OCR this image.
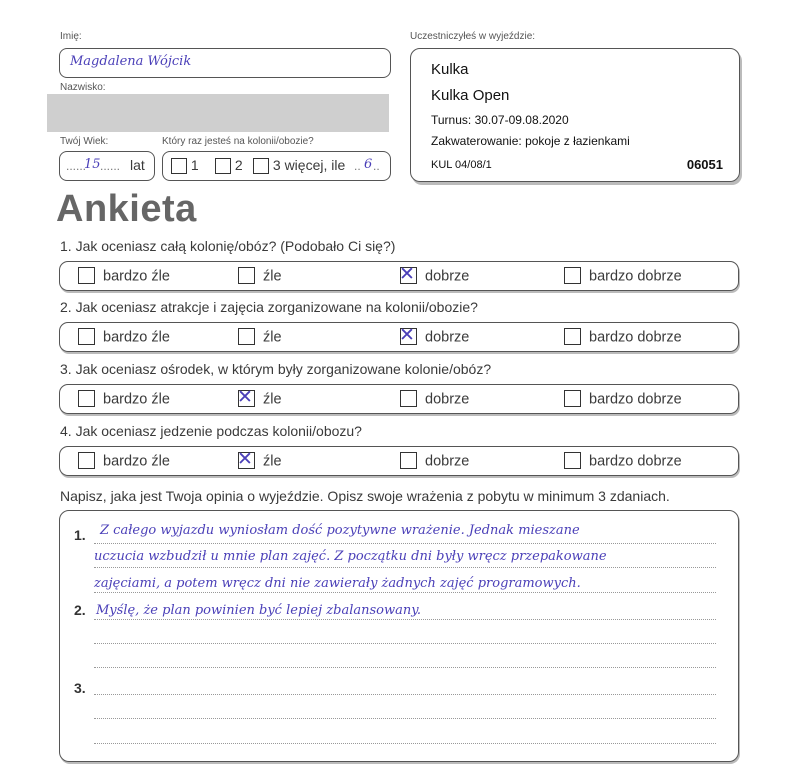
Imię:
Magdalena Wójcik
Nazwisko:
Twój Wiek:	Który raz jesteś na kolonii/obozie?
......
15 ...... lat	1	2	3 więcej, ile .. 6 ..
Uczestniczyłeś w wyjeździe:
Kulka
Kulka Open
Turnus: 30.07-09.08.2020
Zakwaterowanie: pokoje z łazienkami
KUL 04/08/1	06051
Ankieta
1. Jak oceniasz całą kolonię/obóz? (Podobało Ci się?)
bardzo źle	źle	✕ dobrze	bardzo dobrze
2. Jak oceniasz atrakcje i zajęcia zorganizowane na kolonii/obozie?
bardzo źle	źle	✕ dobrze	bardzo dobrze
3. Jak oceniasz ośrodek, w którym były zorganizowane kolonie/obóz?
bardzo źle	✕ źle	dobrze	bardzo dobrze
4. Jak oceniasz jedzenie podczas kolonii/obozu?
bardzo źle	✕ źle	dobrze	bardzo dobrze
Napisz, jaka jest Twoja opinia o wyjeździe. Opisz swoje wrażenia z pobytu w minimum 3 zdaniach.
1.
2.
3.
Z całego wyjazdu wyniosłam dość pozytywne wrażenie. Jednak mieszane
uczucia wzbudził u mnie plan zajęć. Z początku dni były wręcz przepakowane
zajęciami, a potem wręcz dni nie zawierały żadnych zajęć programowych.
Myślę, że plan powinien być lepiej zbalansowany.
